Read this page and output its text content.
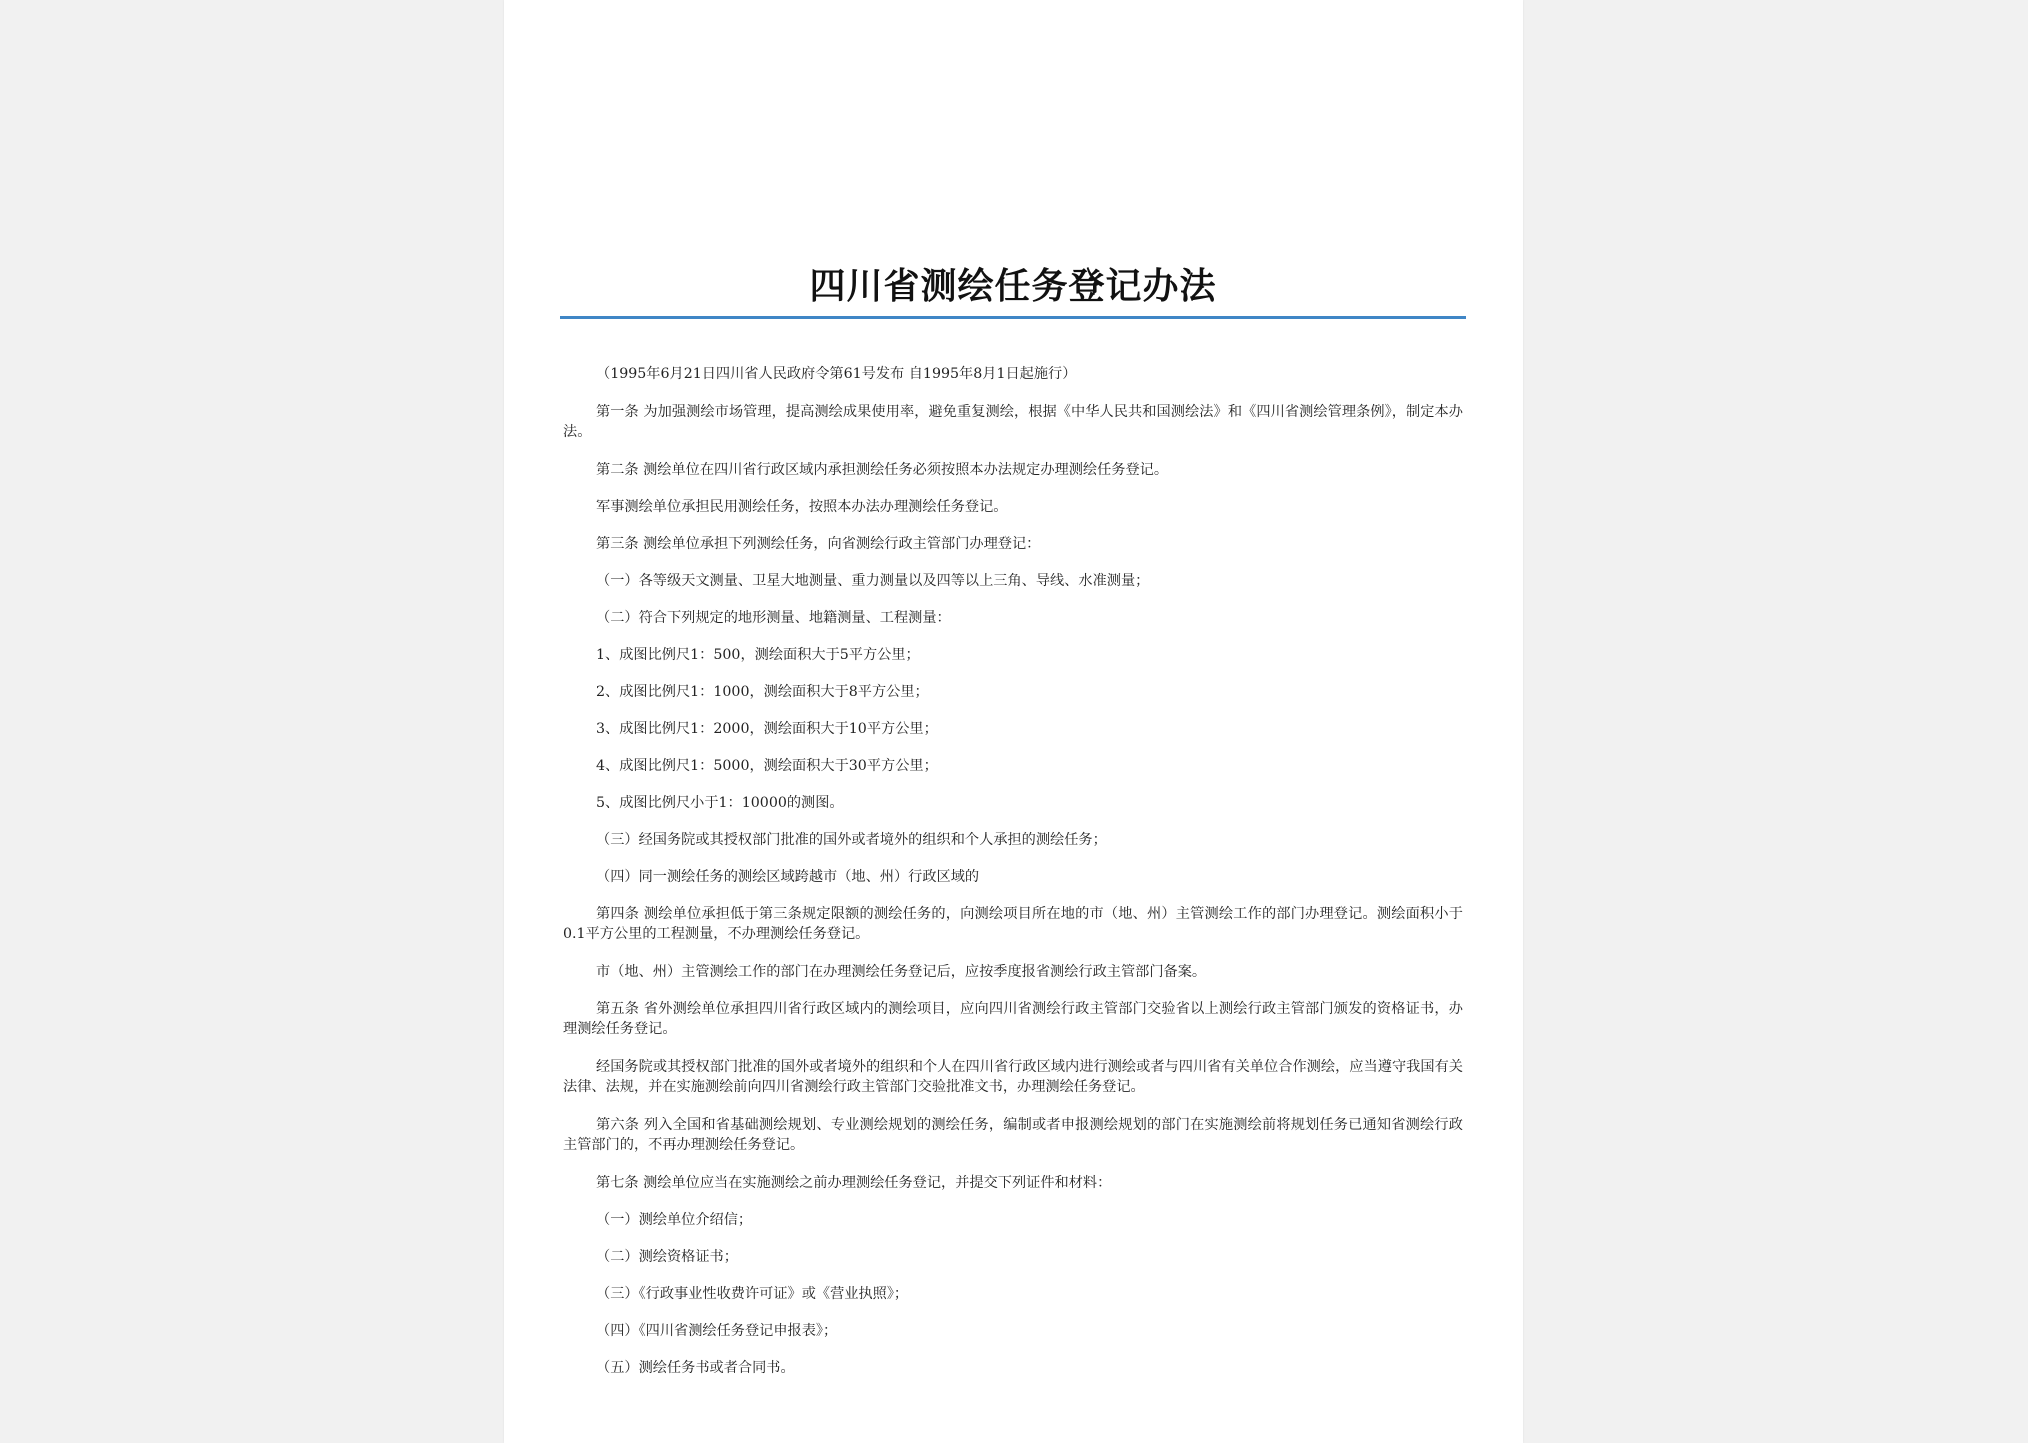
四川省测绘任务登记办法

（1995年6月21日四川省人民政府令第61号发布 自1995年8月1日起施行）

第一条 为加强测绘市场管理，提高测绘成果使用率，避免重复测绘，根据《中华人民共和国测绘法》和《四川省测绘管理条例》，制定本办法。

第二条 测绘单位在四川省行政区域内承担测绘任务必须按照本办法规定办理测绘任务登记。

军事测绘单位承担民用测绘任务，按照本办法办理测绘任务登记。

第三条 测绘单位承担下列测绘任务，向省测绘行政主管部门办理登记：

（一）各等级天文测量、卫星大地测量、重力测量以及四等以上三角、导线、水准测量；

（二）符合下列规定的地形测量、地籍测量、工程测量：

1、成图比例尺1：500，测绘面积大于5平方公里；

2、成图比例尺1：1000，测绘面积大于8平方公里；

3、成图比例尺1：2000，测绘面积大于10平方公里；

4、成图比例尺1：5000，测绘面积大于30平方公里；

5、成图比例尺小于1：10000的测图。

（三）经国务院或其授权部门批准的国外或者境外的组织和个人承担的测绘任务；

（四）同一测绘任务的测绘区域跨越市（地、州）行政区域的

第四条 测绘单位承担低于第三条规定限额的测绘任务的，向测绘项目所在地的市（地、州）主管测绘工作的部门办理登记。测绘面积小于0.1平方公里的工程测量，不办理测绘任务登记。

市（地、州）主管测绘工作的部门在办理测绘任务登记后，应按季度报省测绘行政主管部门备案。

第五条 省外测绘单位承担四川省行政区域内的测绘项目，应向四川省测绘行政主管部门交验省以上测绘行政主管部门颁发的资格证书，办理测绘任务登记。

经国务院或其授权部门批准的国外或者境外的组织和个人在四川省行政区域内进行测绘或者与四川省有关单位合作测绘，应当遵守我国有关法律、法规，并在实施测绘前向四川省测绘行政主管部门交验批准文书，办理测绘任务登记。

第六条 列入全国和省基础测绘规划、专业测绘规划的测绘任务，编制或者申报测绘规划的部门在实施测绘前将规划任务已通知省测绘行政主管部门的，不再办理测绘任务登记。

第七条 测绘单位应当在实施测绘之前办理测绘任务登记，并提交下列证件和材料：

（一）测绘单位介绍信；

（二）测绘资格证书；

（三）《行政事业性收费许可证》或《营业执照》；

（四）《四川省测绘任务登记申报表》；

（五）测绘任务书或者合同书。
